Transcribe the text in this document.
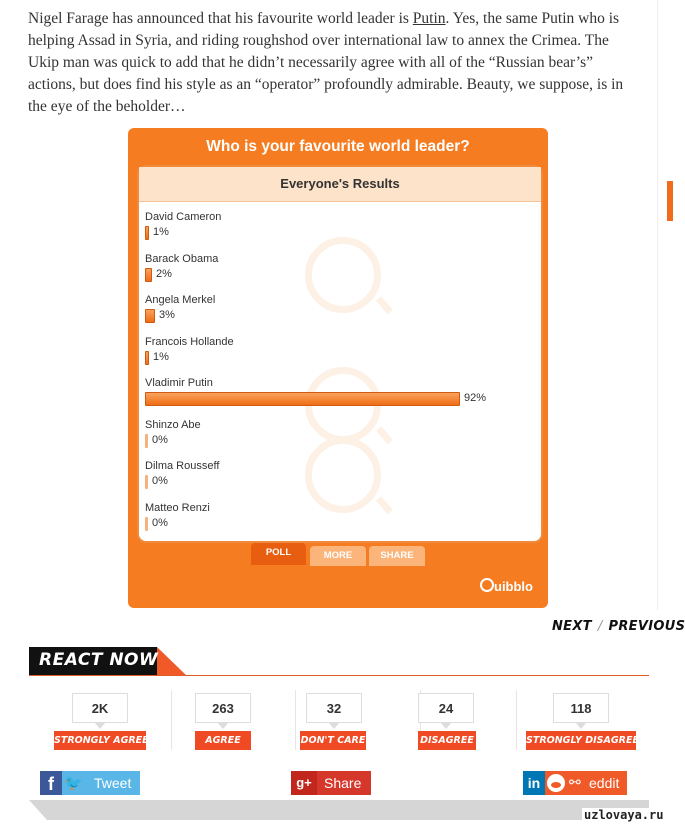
Nigel Farage has announced that his favourite world leader is Putin. Yes, the same Putin who is helping Assad in Syria, and riding roughshod over international law to annex the Crimea. The Ukip man was quick to add that he didn’t necessarily agree with all of the “Russian bear’s” actions, but does find his style as an “operator” profoundly admirable. Beauty, we suppose, is in the eye of the beholder…
Who is your favourite world leader?
Everyone's Results
David Cameron
1%
Barack Obama
2%
Angela Merkel
3%
Francois Hollande
1%
Vladimir Putin
92%
Shinzo Abe
0%
Dilma Rousseff
0%
Matteo Renzi
0%
POLL	MORE	SHARE
uibblo
NEXT / PREVIOUS
REACT NOW
2K
STRONGLY AGREE
263
AGREE
32
DON'T CARE
24
DISAGREE
118
STRONGLY DISAGREE
f 🐦 Tweet	g+ Share	in	⚯ eddit
uzlovaya.ru
